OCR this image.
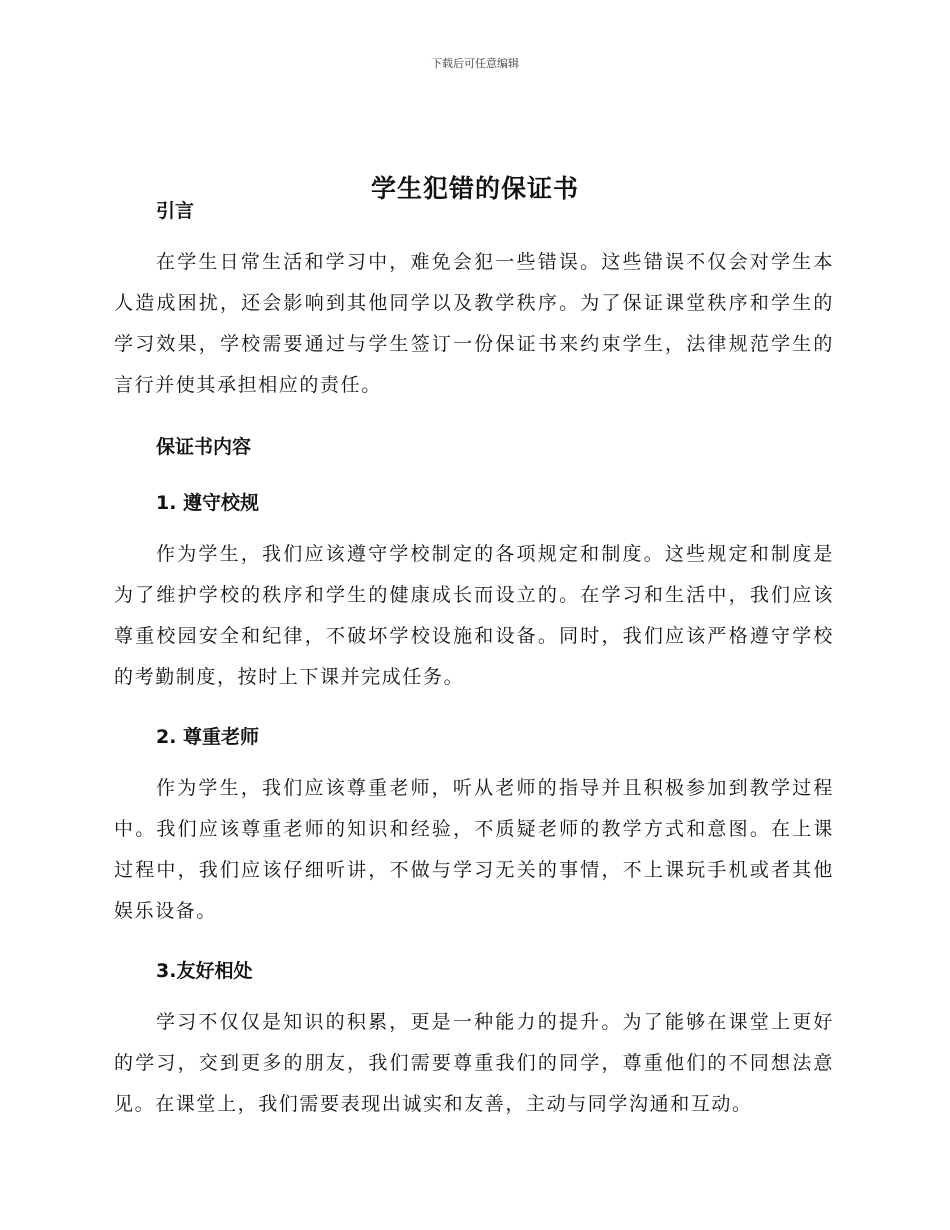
下载后可任意编辑
学生犯错的保证书
引言

在学生日常生活和学习中，难免会犯一些错误。这些错误不仅会对学生本人造成困扰，还会影响到其他同学以及教学秩序。为了保证课堂秩序和学生的学习效果，学校需要通过与学生签订一份保证书来约束学生，法律规范学生的言行并使其承担相应的责任。

保证书内容
1. 遵守校规

作为学生，我们应该遵守学校制定的各项规定和制度。这些规定和制度是为了维护学校的秩序和学生的健康成长而设立的。在学习和生活中，我们应该尊重校园安全和纪律，不破坏学校设施和设备。同时，我们应该严格遵守学校的考勤制度，按时上下课并完成任务。

2. 尊重老师

作为学生，我们应该尊重老师，听从老师的指导并且积极参加到教学过程中。我们应该尊重老师的知识和经验，不质疑老师的教学方式和意图。在上课过程中，我们应该仔细听讲，不做与学习无关的事情，不上课玩手机或者其他娱乐设备。

3.友好相处

学习不仅仅是知识的积累，更是一种能力的提升。为了能够在课堂上更好的学习，交到更多的朋友，我们需要尊重我们的同学，尊重他们的不同想法意见。在课堂上，我们需要表现出诚实和友善，主动与同学沟通和互动。
